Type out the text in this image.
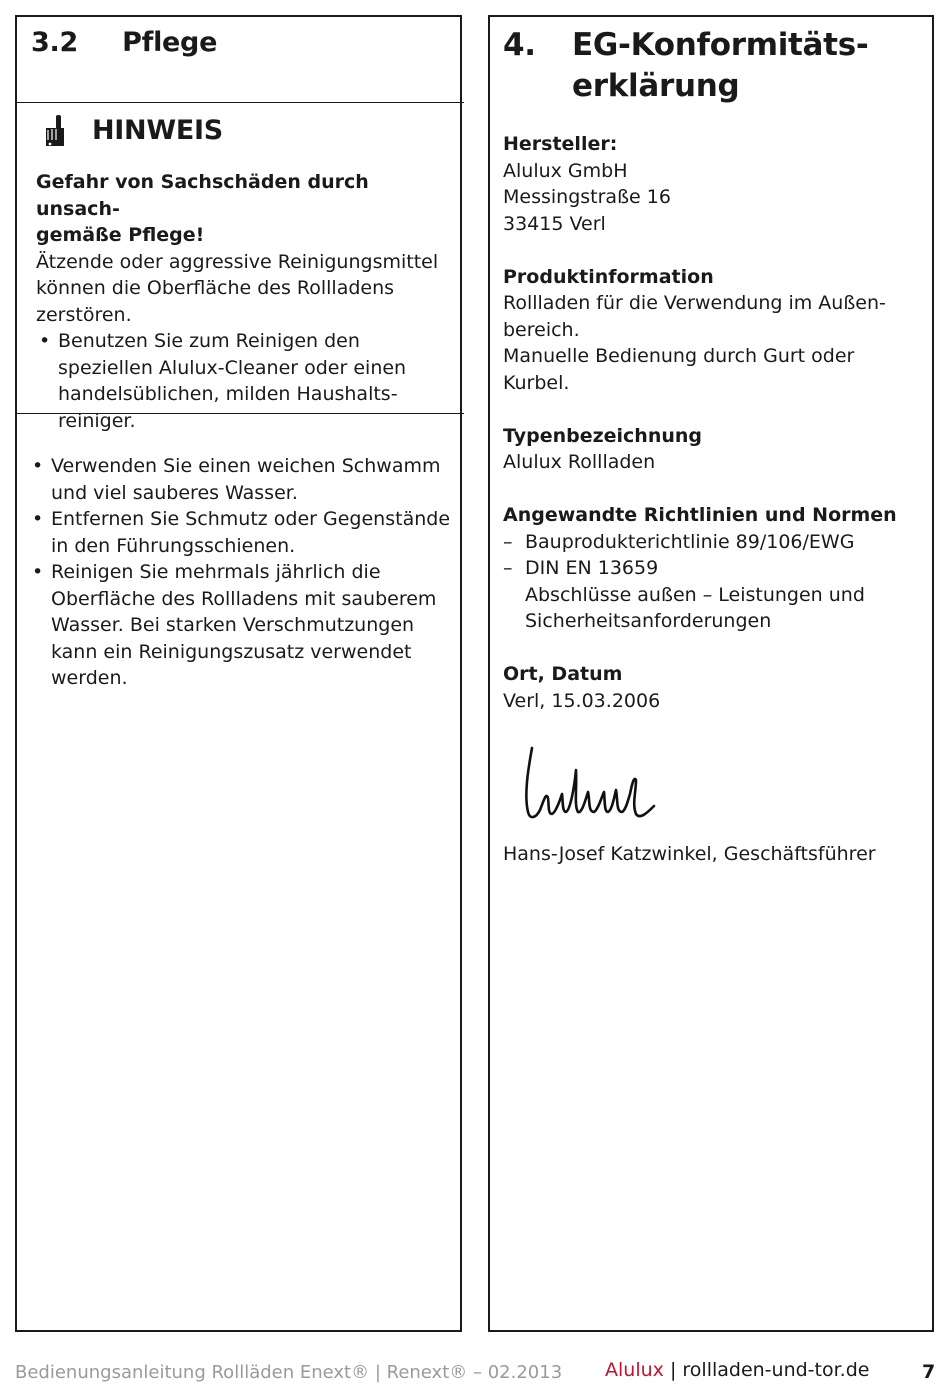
3.2 Pflege
HINWEIS
Gefahr von Sachschäden durch unsach-
gemäße Pflege!
Ätzende oder aggressive Reinigungsmittel
können die Oberfläche des Rollladens
zerstören.
• Benutzen Sie zum Reinigen den
speziellen Alulux-Cleaner oder einen
handelsüblichen, milden Haushalts-
reiniger.
• Verwenden Sie einen weichen Schwamm
und viel sauberes Wasser.
• Entfernen Sie Schmutz oder Gegenstände
in den Führungsschienen.
• Reinigen Sie mehrmals jährlich die
Oberfläche des Rollladens mit sauberem
Wasser. Bei starken Verschmutzungen
kann ein Reinigungszusatz verwendet
werden.
4. EG-Konformitäts-
erklärung
Hersteller:
Alulux GmbH
Messingstraße 16
33415 Verl

Produktinformation
Rollladen für die Verwendung im Außen-
bereich.
Manuelle Bedienung durch Gurt oder
Kurbel.

Typenbezeichnung
Alulux Rollladen

Angewandte Richtlinien und Normen
– Bauprodukterichtlinie 89/106/EWG
– DIN EN 13659
Abschlüsse außen – Leistungen und
Sicherheitsanforderungen

Ort, Datum
Verl, 15.03.2006
Hans-Josef Katzwinkel, Geschäftsführer
Bedienungsanleitung Rollläden Enext® | Renext® – 02.2013 Alulux | rollladen-und-tor.de	7
